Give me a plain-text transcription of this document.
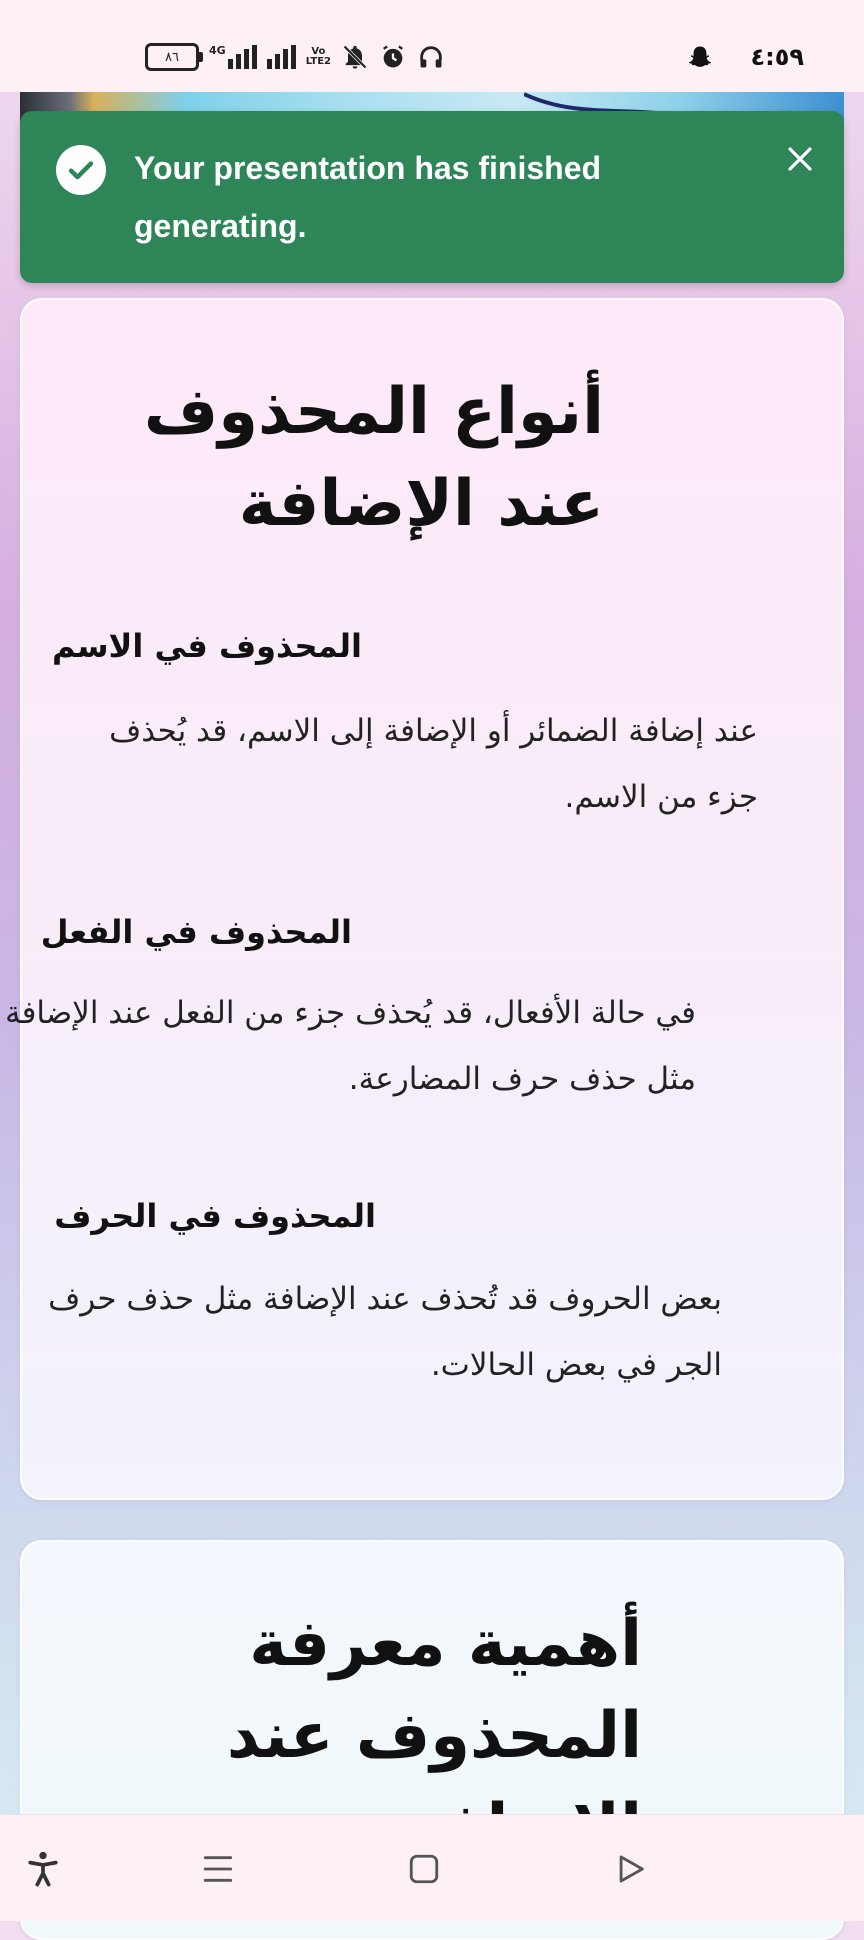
٨٦	4G	Vo
LTE2	٤:٥٩
Your presentation has finished generating.
أنواع المحذوف عند الإضافة
المحذوف في الاسم
عند إضافة الضمائر أو الإضافة إلى الاسم، قد يُحذف جزء من الاسم.
المحذوف في الفعل
في حالة الأفعال، قد يُحذف جزء من الفعل عند الإضافة مثل حذف حرف المضارعة.
المحذوف في الحرف
بعض الحروف قد تُحذف عند الإضافة مثل حذف حرف الجر في بعض الحالات.
أهمية معرفة المحذوف عند
